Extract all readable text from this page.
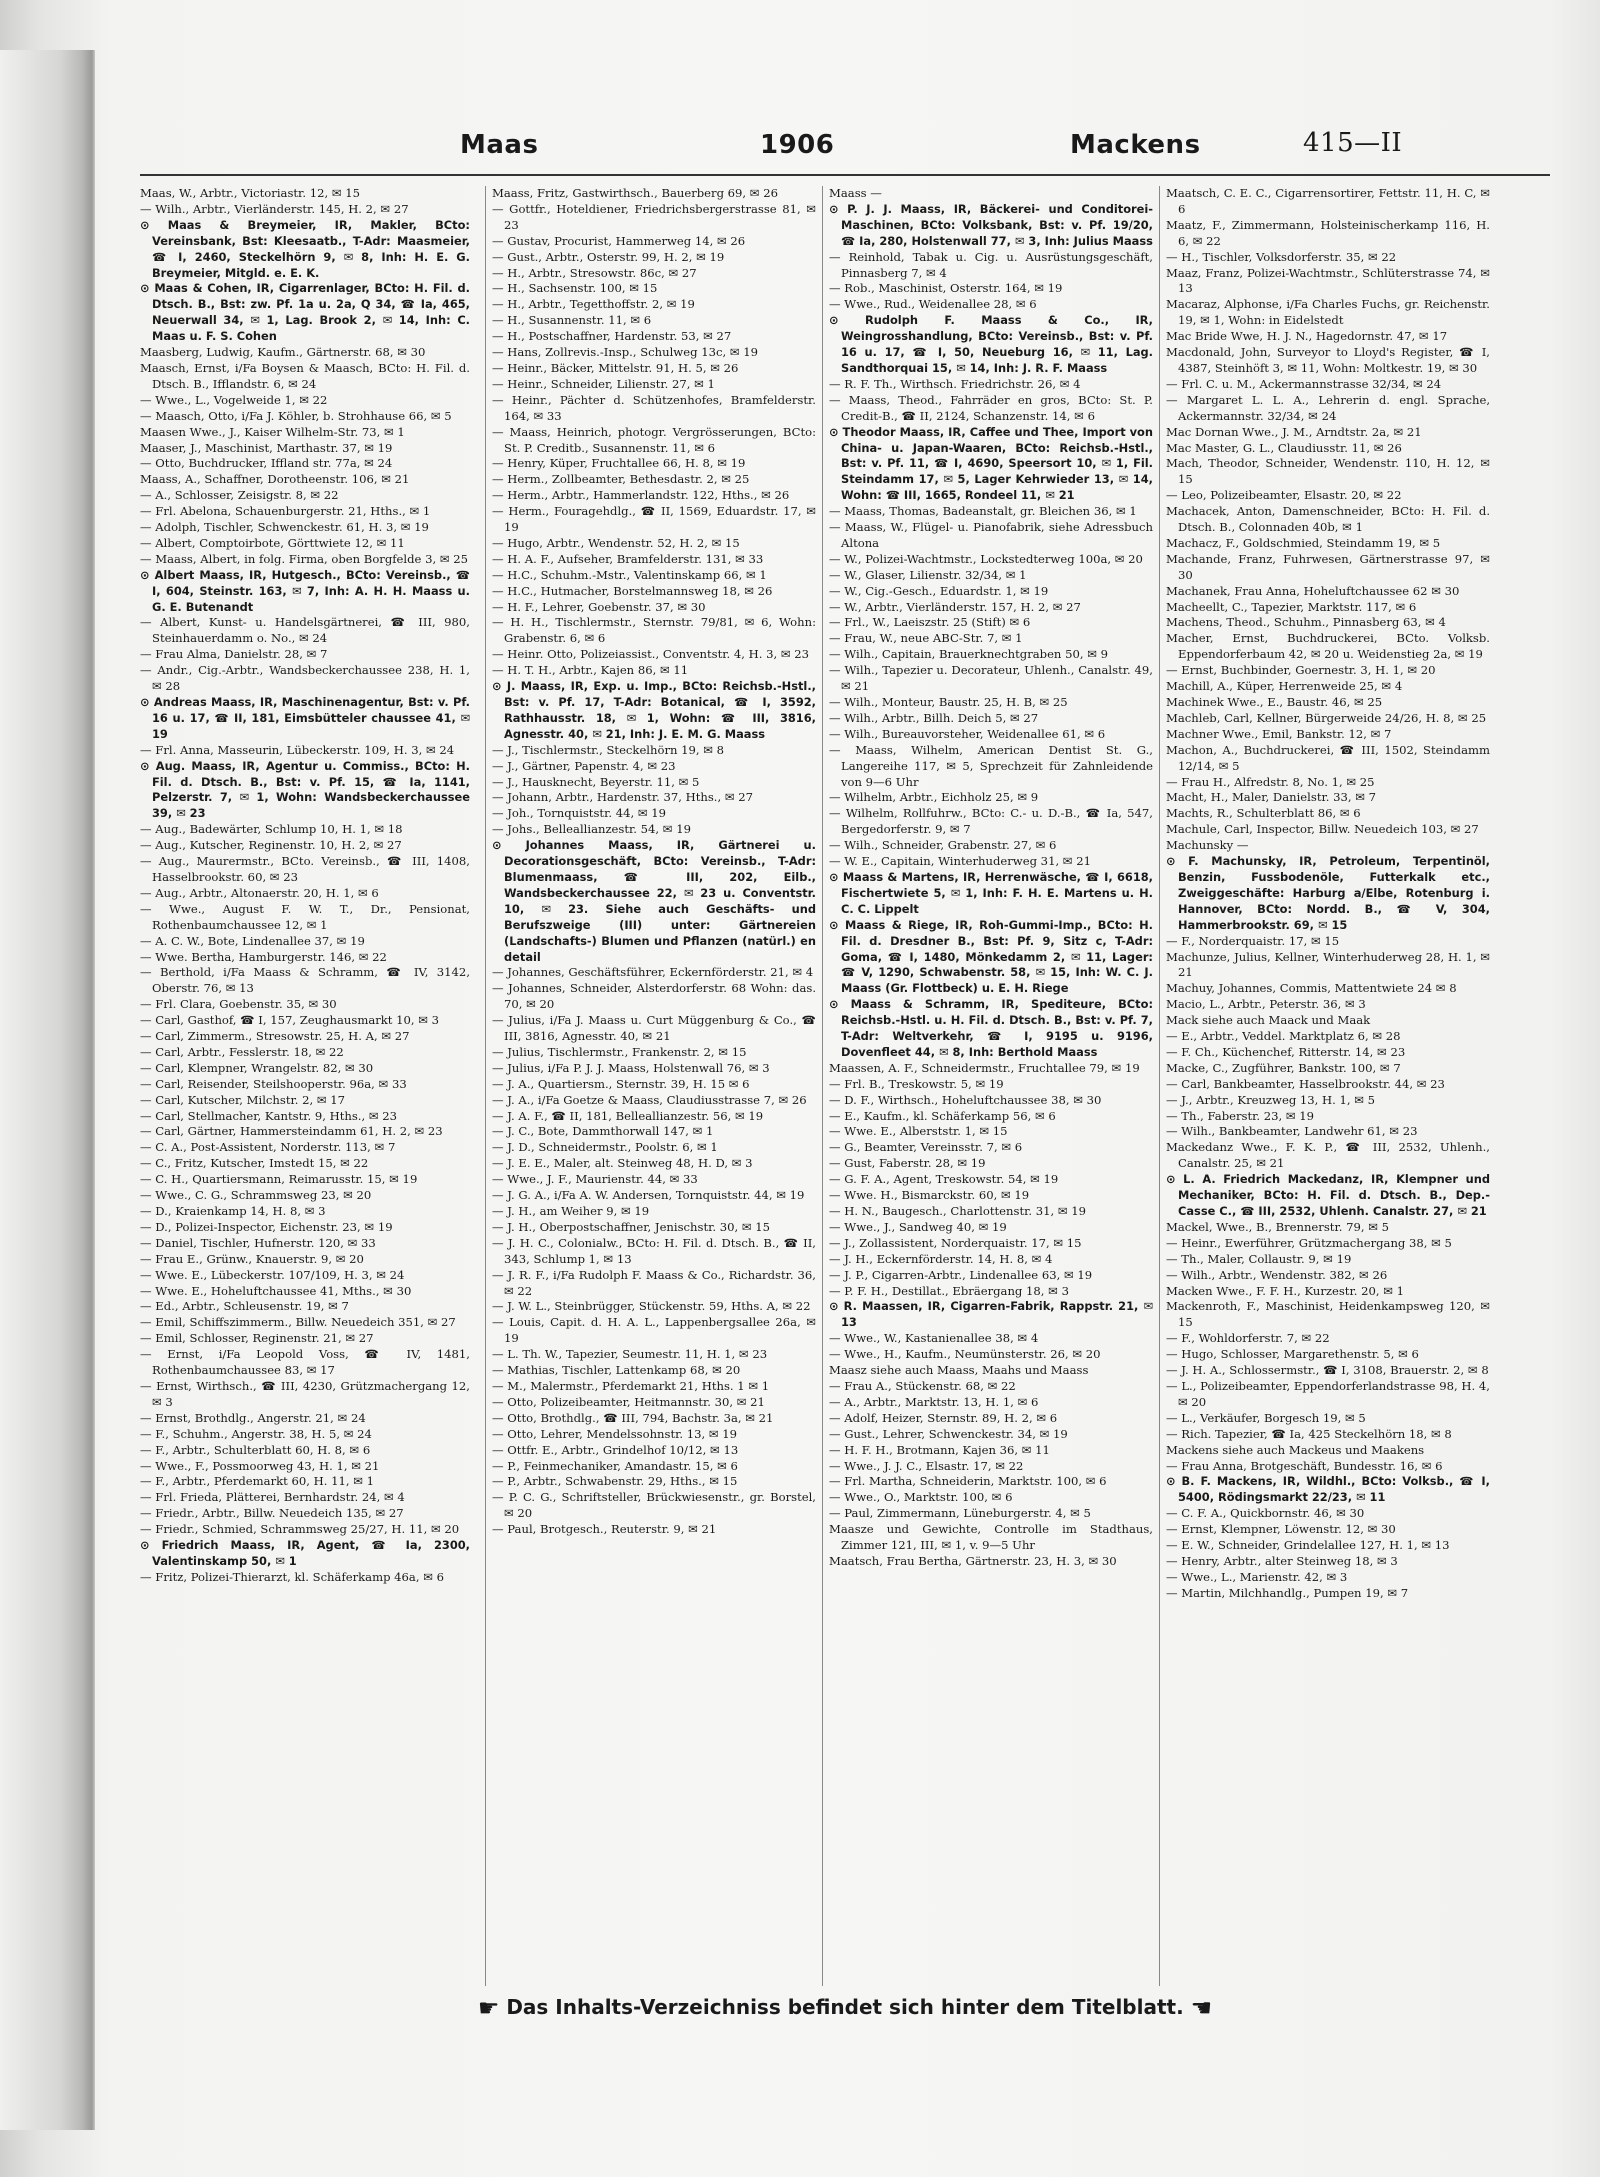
Maas	1906	Mackens	415—II

Maas, W., Arbtr., Victoriastr. 12, ✉ 15

— Wilh., Arbtr., Vierländerstr. 145, H. 2, ✉ 27

⊙ Maas & Breymeier, IR, Makler, BCto: Vereinsbank, Bst: Kleesaatb., T-Adr: Maasmeier, ☎ I, 2460, Steckelhörn 9, ✉ 8, Inh: H. E. G. Breymeier, Mitgld. e. E. K.

⊙ Maas & Cohen, IR, Cigarrenlager, BCto: H. Fil. d. Dtsch. B., Bst: zw. Pf. 1a u. 2a, Q 34, ☎ Ia, 465, Neuerwall 34, ✉ 1, Lag. Brook 2, ✉ 14, Inh: C. Maas u. F. S. Cohen

Maasberg, Ludwig, Kaufm., Gärtnerstr. 68, ✉ 30

Maasch, Ernst, i/Fa Boysen & Maasch, BCto: H. Fil. d. Dtsch. B., Ifflandstr. 6, ✉ 24

— Wwe., L., Vogelweide 1, ✉ 22

— Maasch, Otto, i/Fa J. Köhler, b. Strohhause 66, ✉ 5

Maasen Wwe., J., Kaiser Wilhelm-Str. 73, ✉ 1

Maaser, J., Maschinist, Marthastr. 37, ✉ 19

— Otto, Buchdrucker, Iffland str. 77a, ✉ 24

Maass, A., Schaffner, Dorotheenstr. 106, ✉ 21

— A., Schlosser, Zeisigstr. 8, ✉ 22

— Frl. Abelona, Schauenburgerstr. 21, Hths., ✉ 1

— Adolph, Tischler, Schwenckestr. 61, H. 3, ✉ 19

— Albert, Comptoirbote, Görttwiete 12, ✉ 11

— Maass, Albert, in folg. Firma, oben Borgfelde 3, ✉ 25

⊙ Albert Maass, IR, Hutgesch., BCto: Vereinsb., ☎ I, 604, Steinstr. 163, ✉ 7, Inh: A. H. H. Maass u. G. E. Butenandt

— Albert, Kunst- u. Handelsgärtnerei, ☎ III, 980, Steinhauerdamm o. No., ✉ 24

— Frau Alma, Danielstr. 28, ✉ 7

— Andr., Cig.-Arbtr., Wandsbeckerchaussee 238, H. 1, ✉ 28

⊙ Andreas Maass, IR, Maschinenagentur, Bst: v. Pf. 16 u. 17, ☎ II, 181, Eimsbütteler chaussee 41, ✉ 19

— Frl. Anna, Masseurin, Lübeckerstr. 109, H. 3, ✉ 24

⊙ Aug. Maass, IR, Agentur u. Commiss., BCto: H. Fil. d. Dtsch. B., Bst: v. Pf. 15, ☎ Ia, 1141, Pelzerstr. 7, ✉ 1, Wohn: Wandsbeckerchaussee 39, ✉ 23

— Aug., Badewärter, Schlump 10, H. 1, ✉ 18

— Aug., Kutscher, Reginenstr. 10, H. 2, ✉ 27

— Aug., Maurermstr., BCto. Vereinsb., ☎ III, 1408, Hasselbrookstr. 60, ✉ 23

— Aug., Arbtr., Altonaerstr. 20, H. 1, ✉ 6

— Wwe., August F. W. T., Dr., Pensionat, Rothenbaumchaussee 12, ✉ 1

— A. C. W., Bote, Lindenallee 37, ✉ 19

— Wwe. Bertha, Hamburgerstr. 146, ✉ 22

— Berthold, i/Fa Maass & Schramm, ☎ IV, 3142, Oberstr. 76, ✉ 13

— Frl. Clara, Goebenstr. 35, ✉ 30

— Carl, Gasthof, ☎ I, 157, Zeughausmarkt 10, ✉ 3

— Carl, Zimmerm., Stresowstr. 25, H. A, ✉ 27

— Carl, Arbtr., Fesslerstr. 18, ✉ 22

— Carl, Klempner, Wrangelstr. 82, ✉ 30

— Carl, Reisender, Steilshooperstr. 96a, ✉ 33

— Carl, Kutscher, Milchstr. 2, ✉ 17

— Carl, Stellmacher, Kantstr. 9, Hths., ✉ 23

— Carl, Gärtner, Hammersteindamm 61, H. 2, ✉ 23

— C. A., Post-Assistent, Norderstr. 113, ✉ 7

— C., Fritz, Kutscher, Imstedt 15, ✉ 22

— C. H., Quartiersmann, Reimarusstr. 15, ✉ 19

— Wwe., C. G., Schrammsweg 23, ✉ 20

— D., Kraienkamp 14, H. 8, ✉ 3

— D., Polizei-Inspector, Eichenstr. 23, ✉ 19

— Daniel, Tischler, Hufnerstr. 120, ✉ 33

— Frau E., Grünw., Knauerstr. 9, ✉ 20

— Wwe. E., Lübeckerstr. 107/109, H. 3, ✉ 24

— Wwe. E., Hoheluftchaussee 41, Mths., ✉ 30

— Ed., Arbtr., Schleusenstr. 19, ✉ 7

— Emil, Schiffszimmerm., Billw. Neuedeich 351, ✉ 27

— Emil, Schlosser, Reginenstr. 21, ✉ 27

— Ernst, i/Fa Leopold Voss, ☎ IV, 1481, Rothenbaumchaussee 83, ✉ 17

— Ernst, Wirthsch., ☎ III, 4230, Grützmachergang 12, ✉ 3

— Ernst, Brothdlg., Angerstr. 21, ✉ 24

— F., Schuhm., Angerstr. 38, H. 5, ✉ 24

— F., Arbtr., Schulterblatt 60, H. 8, ✉ 6

— Wwe., F., Possmoorweg 43, H. 1, ✉ 21

— F., Arbtr., Pferdemarkt 60, H. 11, ✉ 1

— Frl. Frieda, Plätterei, Bernhardstr. 24, ✉ 4

— Friedr., Arbtr., Billw. Neuedeich 135, ✉ 27

— Friedr., Schmied, Schrammsweg 25/27, H. 11, ✉ 20

⊙ Friedrich Maass, IR, Agent, ☎ Ia, 2300, Valentinskamp 50, ✉ 1

— Fritz, Polizei-Thierarzt, kl. Schäferkamp 46a, ✉ 6

Maass, Fritz, Gastwirthsch., Bauerberg 69, ✉ 26

— Gottfr., Hoteldiener, Friedrichsbergerstrasse 81, ✉ 23

— Gustav, Procurist, Hammerweg 14, ✉ 26

— Gust., Arbtr., Osterstr. 99, H. 2, ✉ 19

— H., Arbtr., Stresowstr. 86c, ✉ 27

— H., Sachsenstr. 100, ✉ 15

— H., Arbtr., Tegetthoffstr. 2, ✉ 19

— H., Susannenstr. 11, ✉ 6

— H., Postschaffner, Hardenstr. 53, ✉ 27

— Hans, Zollrevis.-Insp., Schulweg 13c, ✉ 19

— Heinr., Bäcker, Mittelstr. 91, H. 5, ✉ 26

— Heinr., Schneider, Lilienstr. 27, ✉ 1

— Heinr., Pächter d. Schützenhofes, Bramfelderstr. 164, ✉ 33

— Maass, Heinrich, photogr. Vergrösserungen, BCto: St. P. Creditb., Susannenstr. 11, ✉ 6

— Henry, Küper, Fruchtallee 66, H. 8, ✉ 19

— Herm., Zollbeamter, Bethesdastr. 2, ✉ 25

— Herm., Arbtr., Hammerlandstr. 122, Hths., ✉ 26

— Herm., Fouragehdlg., ☎ II, 1569, Eduardstr. 17, ✉ 19

— Hugo, Arbtr., Wendenstr. 52, H. 2, ✉ 15

— H. A. F., Aufseher, Bramfelderstr. 131, ✉ 33

— H.C., Schuhm.-Mstr., Valentinskamp 66, ✉ 1

— H.C., Hutmacher, Borstelmannsweg 18, ✉ 26

— H. F., Lehrer, Goebenstr. 37, ✉ 30

— H. H., Tischlermstr., Sternstr. 79/81, ✉ 6, Wohn: Grabenstr. 6, ✉ 6

— Heinr. Otto, Polizeiassist., Conventstr. 4, H. 3, ✉ 23

— H. T. H., Arbtr., Kajen 86, ✉ 11

⊙ J. Maass, IR, Exp. u. Imp., BCto: Reichsb.-Hstl., Bst: v. Pf. 17, T-Adr: Botanical, ☎ I, 3592, Rathhausstr. 18, ✉ 1, Wohn: ☎ III, 3816, Agnesstr. 40, ✉ 21, Inh: J. E. M. G. Maass

— J., Tischlermstr., Steckelhörn 19, ✉ 8

— J., Gärtner, Papenstr. 4, ✉ 23

— J., Hausknecht, Beyerstr. 11, ✉ 5

— Johann, Arbtr., Hardenstr. 37, Hths., ✉ 27

— Joh., Tornquiststr. 44, ✉ 19

— Johs., Belleallianzestr. 54, ✉ 19

⊙ Johannes Maass, IR, Gärtnerei u. Decorationsgeschäft, BCto: Vereinsb., T-Adr: Blumenmaass, ☎ III, 202, Eilb., Wandsbeckerchaussee 22, ✉ 23 u. Conventstr. 10, ✉ 23. Siehe auch Geschäfts- und Berufszweige (III) unter: Gärtnereien (Landschafts-) Blumen und Pflanzen (natürl.) en detail

— Johannes, Geschäftsführer, Eckernförderstr. 21, ✉ 4

— Johannes, Schneider, Alsterdorferstr. 68 Wohn: das. 70, ✉ 20

— Julius, i/Fa J. Maass u. Curt Müggenburg & Co., ☎ III, 3816, Agnesstr. 40, ✉ 21

— Julius, Tischlermstr., Frankenstr. 2, ✉ 15

— Julius, i/Fa P. J. J. Maass, Holstenwall 76, ✉ 3

— J. A., Quartiersm., Sternstr. 39, H. 15 ✉ 6

— J. A., i/Fa Goetze & Maass, Claudiusstrasse 7, ✉ 26

— J. A. F., ☎ II, 181, Belleallianzestr. 56, ✉ 19

— J. C., Bote, Dammthorwall 147, ✉ 1

— J. D., Schneidermstr., Poolstr. 6, ✉ 1

— J. E. E., Maler, alt. Steinweg 48, H. D, ✉ 3

— Wwe., J. F., Maurienstr. 44, ✉ 33

— J. G. A., i/Fa A. W. Andersen, Tornquiststr. 44, ✉ 19

— J. H., am Weiher 9, ✉ 19

— J. H., Oberpostschaffner, Jenischstr. 30, ✉ 15

— J. H. C., Colonialw., BCto: H. Fil. d. Dtsch. B., ☎ II, 343, Schlump 1, ✉ 13

— J. R. F., i/Fa Rudolph F. Maass & Co., Richardstr. 36, ✉ 22

— J. W. L., Steinbrügger, Stückenstr. 59, Hths. A, ✉ 22

— Louis, Capit. d. H. A. L., Lappenbergsallee 26a, ✉ 19

— L. Th. W., Tapezier, Seumestr. 11, H. 1, ✉ 23

— Mathias, Tischler, Lattenkamp 68, ✉ 20

— M., Malermstr., Pferdemarkt 21, Hths. 1 ✉ 1

— Otto, Polizeibeamter, Heitmannstr. 30, ✉ 21

— Otto, Brothdlg., ☎ III, 794, Bachstr. 3a, ✉ 21

— Otto, Lehrer, Mendelssohnstr. 13, ✉ 19

— Ottfr. E., Arbtr., Grindelhof 10/12, ✉ 13

— P., Feinmechaniker, Amandastr. 15, ✉ 6

— P., Arbtr., Schwabenstr. 29, Hths., ✉ 15

— P. C. G., Schriftsteller, Brückwiesenstr., gr. Borstel, ✉ 20

— Paul, Brotgesch., Reuterstr. 9, ✉ 21

Maass —

⊙ P. J. J. Maass, IR, Bäckerei- und Conditorei-Maschinen, BCto: Volksbank, Bst: v. Pf. 19/20, ☎ Ia, 280, Holstenwall 77, ✉ 3, Inh: Julius Maass

— Reinhold, Tabak u. Cig. u. Ausrüstungsgeschäft, Pinnasberg 7, ✉ 4

— Rob., Maschinist, Osterstr. 164, ✉ 19

— Wwe., Rud., Weidenallee 28, ✉ 6

⊙ Rudolph F. Maass & Co., IR, Weingrosshandlung, BCto: Vereinsb., Bst: v. Pf. 16 u. 17, ☎ I, 50, Neueburg 16, ✉ 11, Lag. Sandthorquai 15, ✉ 14, Inh: J. R. F. Maass

— R. F. Th., Wirthsch. Friedrichstr. 26, ✉ 4

— Maass, Theod., Fahrräder en gros, BCto: St. P. Credit-B., ☎ II, 2124, Schanzenstr. 14, ✉ 6

⊙ Theodor Maass, IR, Caffee und Thee, Import von China- u. Japan-Waaren, BCto: Reichsb.-Hstl., Bst: v. Pf. 11, ☎ I, 4690, Speersort 10, ✉ 1, Fil. Steindamm 17, ✉ 5, Lager Kehrwieder 13, ✉ 14, Wohn: ☎ III, 1665, Rondeel 11, ✉ 21

— Maass, Thomas, Badeanstalt, gr. Bleichen 36, ✉ 1

— Maass, W., Flügel- u. Pianofabrik, siehe Adressbuch Altona

— W., Polizei-Wachtmstr., Lockstedterweg 100a, ✉ 20

— W., Glaser, Lilienstr. 32/34, ✉ 1

— W., Cig.-Gesch., Eduardstr. 1, ✉ 19

— W., Arbtr., Vierländerstr. 157, H. 2, ✉ 27

— Frl., W., Laeiszstr. 25 (Stift) ✉ 6

— Frau, W., neue ABC-Str. 7, ✉ 1

— Wilh., Capitain, Brauerknechtgraben 50, ✉ 9

— Wilh., Tapezier u. Decorateur, Uhlenh., Canalstr. 49, ✉ 21

— Wilh., Monteur, Baustr. 25, H. B, ✉ 25

— Wilh., Arbtr., Billh. Deich 5, ✉ 27

— Wilh., Bureauvorsteher, Weidenallee 61, ✉ 6

— Maass, Wilhelm, American Dentist St. G., Langereihe 117, ✉ 5, Sprechzeit für Zahnleidende von 9—6 Uhr

— Wilhelm, Arbtr., Eichholz 25, ✉ 9

— Wilhelm, Rollfuhrw., BCto: C.- u. D.-B., ☎ Ia, 547, Bergedorferstr. 9, ✉ 7

— Wilh., Schneider, Grabenstr. 27, ✉ 6

— W. E., Capitain, Winterhuderweg 31, ✉ 21

⊙ Maass & Martens, IR, Herrenwäsche, ☎ I, 6618, Fischertwiete 5, ✉ 1, Inh: F. H. E. Martens u. H. C. C. Lippelt

⊙ Maass & Riege, IR, Roh-Gummi-Imp., BCto: H. Fil. d. Dresdner B., Bst: Pf. 9, Sitz c, T-Adr: Goma, ☎ I, 1480, Mönkedamm 2, ✉ 11, Lager: ☎ V, 1290, Schwabenstr. 58, ✉ 15, Inh: W. C. J. Maass (Gr. Flottbeck) u. E. H. Riege

⊙ Maass & Schramm, IR, Spediteure, BCto: Reichsb.-Hstl. u. H. Fil. d. Dtsch. B., Bst: v. Pf. 7, T-Adr: Weltverkehr, ☎ I, 9195 u. 9196, Dovenfleet 44, ✉ 8, Inh: Berthold Maass

Maassen, A. F., Schneidermstr., Fruchtallee 79, ✉ 19

— Frl. B., Treskowstr. 5, ✉ 19

— D. F., Wirthsch., Hoheluftchaussee 38, ✉ 30

— E., Kaufm., kl. Schäferkamp 56, ✉ 6

— Wwe. E., Alberststr. 1, ✉ 15

— G., Beamter, Vereinsstr. 7, ✉ 6

— Gust, Faberstr. 28, ✉ 19

— G. F. A., Agent, Treskowstr. 54, ✉ 19

— Wwe. H., Bismarckstr. 60, ✉ 19

— H. N., Baugesch., Charlottenstr. 31, ✉ 19

— Wwe., J., Sandweg 40, ✉ 19

— J., Zollassistent, Norderquaistr. 17, ✉ 15

— J. H., Eckernförderstr. 14, H. 8, ✉ 4

— J. P., Cigarren-Arbtr., Lindenallee 63, ✉ 19

— P. F. H., Destillat., Ebräergang 18, ✉ 3

⊙ R. Maassen, IR, Cigarren-Fabrik, Rappstr. 21, ✉ 13

— Wwe., W., Kastanienallee 38, ✉ 4

— Wwe., H., Kaufm., Neumünsterstr. 26, ✉ 20

Maasz siehe auch Maass, Maahs und Maass

— Frau A., Stückenstr. 68, ✉ 22

— A., Arbtr., Marktstr. 13, H. 1, ✉ 6

— Adolf, Heizer, Sternstr. 89, H. 2, ✉ 6

— Gust., Lehrer, Schwenckestr. 34, ✉ 19

— H. F. H., Brotmann, Kajen 36, ✉ 11

— Wwe., J. J. C., Elsastr. 17, ✉ 22

— Frl. Martha, Schneiderin, Marktstr. 100, ✉ 6

— Wwe., O., Marktstr. 100, ✉ 6

— Paul, Zimmermann, Lüneburgerstr. 4, ✉ 5

Maasze und Gewichte, Controlle im Stadthaus, Zimmer 121, III, ✉ 1, v. 9—5 Uhr

Maatsch, Frau Bertha, Gärtnerstr. 23, H. 3, ✉ 30

Maatsch, C. E. C., Cigarrensortirer, Fettstr. 11, H. C, ✉ 6

Maatz, F., Zimmermann, Holsteinischerkamp 116, H. 6, ✉ 22

— H., Tischler, Volksdorferstr. 35, ✉ 22

Maaz, Franz, Polizei-Wachtmstr., Schlüterstrasse 74, ✉ 13

Macaraz, Alphonse, i/Fa Charles Fuchs, gr. Reichenstr. 19, ✉ 1, Wohn: in Eidelstedt

Mac Bride Wwe, H. J. N., Hagedornstr. 47, ✉ 17

Macdonald, John, Surveyor to Lloyd's Register, ☎ I, 4387, Steinhöft 3, ✉ 11, Wohn: Moltkestr. 19, ✉ 30

— Frl. C. u. M., Ackermannstrasse 32/34, ✉ 24

— Margaret L. L. A., Lehrerin d. engl. Sprache, Ackermannstr. 32/34, ✉ 24

Mac Dornan Wwe., J. M., Arndtstr. 2a, ✉ 21

Mac Master, G. L., Claudiusstr. 11, ✉ 26

Mach, Theodor, Schneider, Wendenstr. 110, H. 12, ✉ 15

— Leo, Polizeibeamter, Elsastr. 20, ✉ 22

Machacek, Anton, Damenschneider, BCto: H. Fil. d. Dtsch. B., Colonnaden 40b, ✉ 1

Machacz, F., Goldschmied, Steindamm 19, ✉ 5

Machande, Franz, Fuhrwesen, Gärtnerstrasse 97, ✉ 30

Machanek, Frau Anna, Hoheluftchaussee 62 ✉ 30

Macheellt, C., Tapezier, Marktstr. 117, ✉ 6

Machens, Theod., Schuhm., Pinnasberg 63, ✉ 4

Macher, Ernst, Buchdruckerei, BCto. Volksb. Eppendorferbaum 42, ✉ 20 u. Weidenstieg 2a, ✉ 19

— Ernst, Buchbinder, Goernestr. 3, H. 1, ✉ 20

Machill, A., Küper, Herrenweide 25, ✉ 4

Machinek Wwe., E., Baustr. 46, ✉ 25

Machleb, Carl, Kellner, Bürgerweide 24/26, H. 8, ✉ 25

Machner Wwe., Emil, Bankstr. 12, ✉ 7

Machon, A., Buchdruckerei, ☎ III, 1502, Steindamm 12/14, ✉ 5

— Frau H., Alfredstr. 8, No. 1, ✉ 25

Macht, H., Maler, Danielstr. 33, ✉ 7

Machts, R., Schulterblatt 86, ✉ 6

Machule, Carl, Inspector, Billw. Neuedeich 103, ✉ 27

Machunsky —

⊙ F. Machunsky, IR, Petroleum, Terpentinöl, Benzin, Fussbodenöle, Futterkalk etc., Zweiggeschäfte: Harburg a/Elbe, Rotenburg i. Hannover, BCto: Nordd. B., ☎ V, 304, Hammerbrookstr. 69, ✉ 15

— F., Norderquaistr. 17, ✉ 15

Machunze, Julius, Kellner, Winterhuderweg 28, H. 1, ✉ 21

Machuy, Johannes, Commis, Mattentwiete 24 ✉ 8

Macio, L., Arbtr., Peterstr. 36, ✉ 3

Mack siehe auch Maack und Maak

— E., Arbtr., Veddel. Marktplatz 6, ✉ 28

— F. Ch., Küchenchef, Ritterstr. 14, ✉ 23

Macke, C., Zugführer, Bankstr. 100, ✉ 7

— Carl, Bankbeamter, Hasselbrookstr. 44, ✉ 23

— J., Arbtr., Kreuzweg 13, H. 1, ✉ 5

— Th., Faberstr. 23, ✉ 19

— Wilh., Bankbeamter, Landwehr 61, ✉ 23

Mackedanz Wwe., F. K. P., ☎ III, 2532, Uhlenh., Canalstr. 25, ✉ 21

⊙ L. A. Friedrich Mackedanz, IR, Klempner und Mechaniker, BCto: H. Fil. d. Dtsch. B., Dep.-Casse C., ☎ III, 2532, Uhlenh. Canalstr. 27, ✉ 21

Mackel, Wwe., B., Brennerstr. 79, ✉ 5

— Heinr., Ewerführer, Grützmachergang 38, ✉ 5

— Th., Maler, Collaustr. 9, ✉ 19

— Wilh., Arbtr., Wendenstr. 382, ✉ 26

Macken Wwe., F. F. H., Kurzestr. 20, ✉ 1

Mackenroth, F., Maschinist, Heidenkampsweg 120, ✉ 15

— F., Wohldorferstr. 7, ✉ 22

— Hugo, Schlosser, Margarethenstr. 5, ✉ 6

— J. H. A., Schlossermstr., ☎ I, 3108, Brauerstr. 2, ✉ 8

— L., Polizeibeamter, Eppendorferlandstrasse 98, H. 4, ✉ 20

— L., Verkäufer, Borgesch 19, ✉ 5

— Rich. Tapezier, ☎ Ia, 425 Steckelhörn 18, ✉ 8

Mackens siehe auch Mackeus und Maakens

— Frau Anna, Brotgeschäft, Bundesstr. 16, ✉ 6

⊙ B. F. Mackens, IR, Wildhl., BCto: Volksb., ☎ I, 5400, Rödingsmarkt 22/23, ✉ 11

— C. F. A., Quickbornstr. 46, ✉ 30

— Ernst, Klempner, Löwenstr. 12, ✉ 30

— E. W., Schneider, Grindelallee 127, H. 1, ✉ 13

— Henry, Arbtr., alter Steinweg 18, ✉ 3

— Wwe., L., Marienstr. 42, ✉ 3

— Martin, Milchhandlg., Pumpen 19, ✉ 7

☛ Das Inhalts-Verzeichniss befindet sich hinter dem Titelblatt. ☚
